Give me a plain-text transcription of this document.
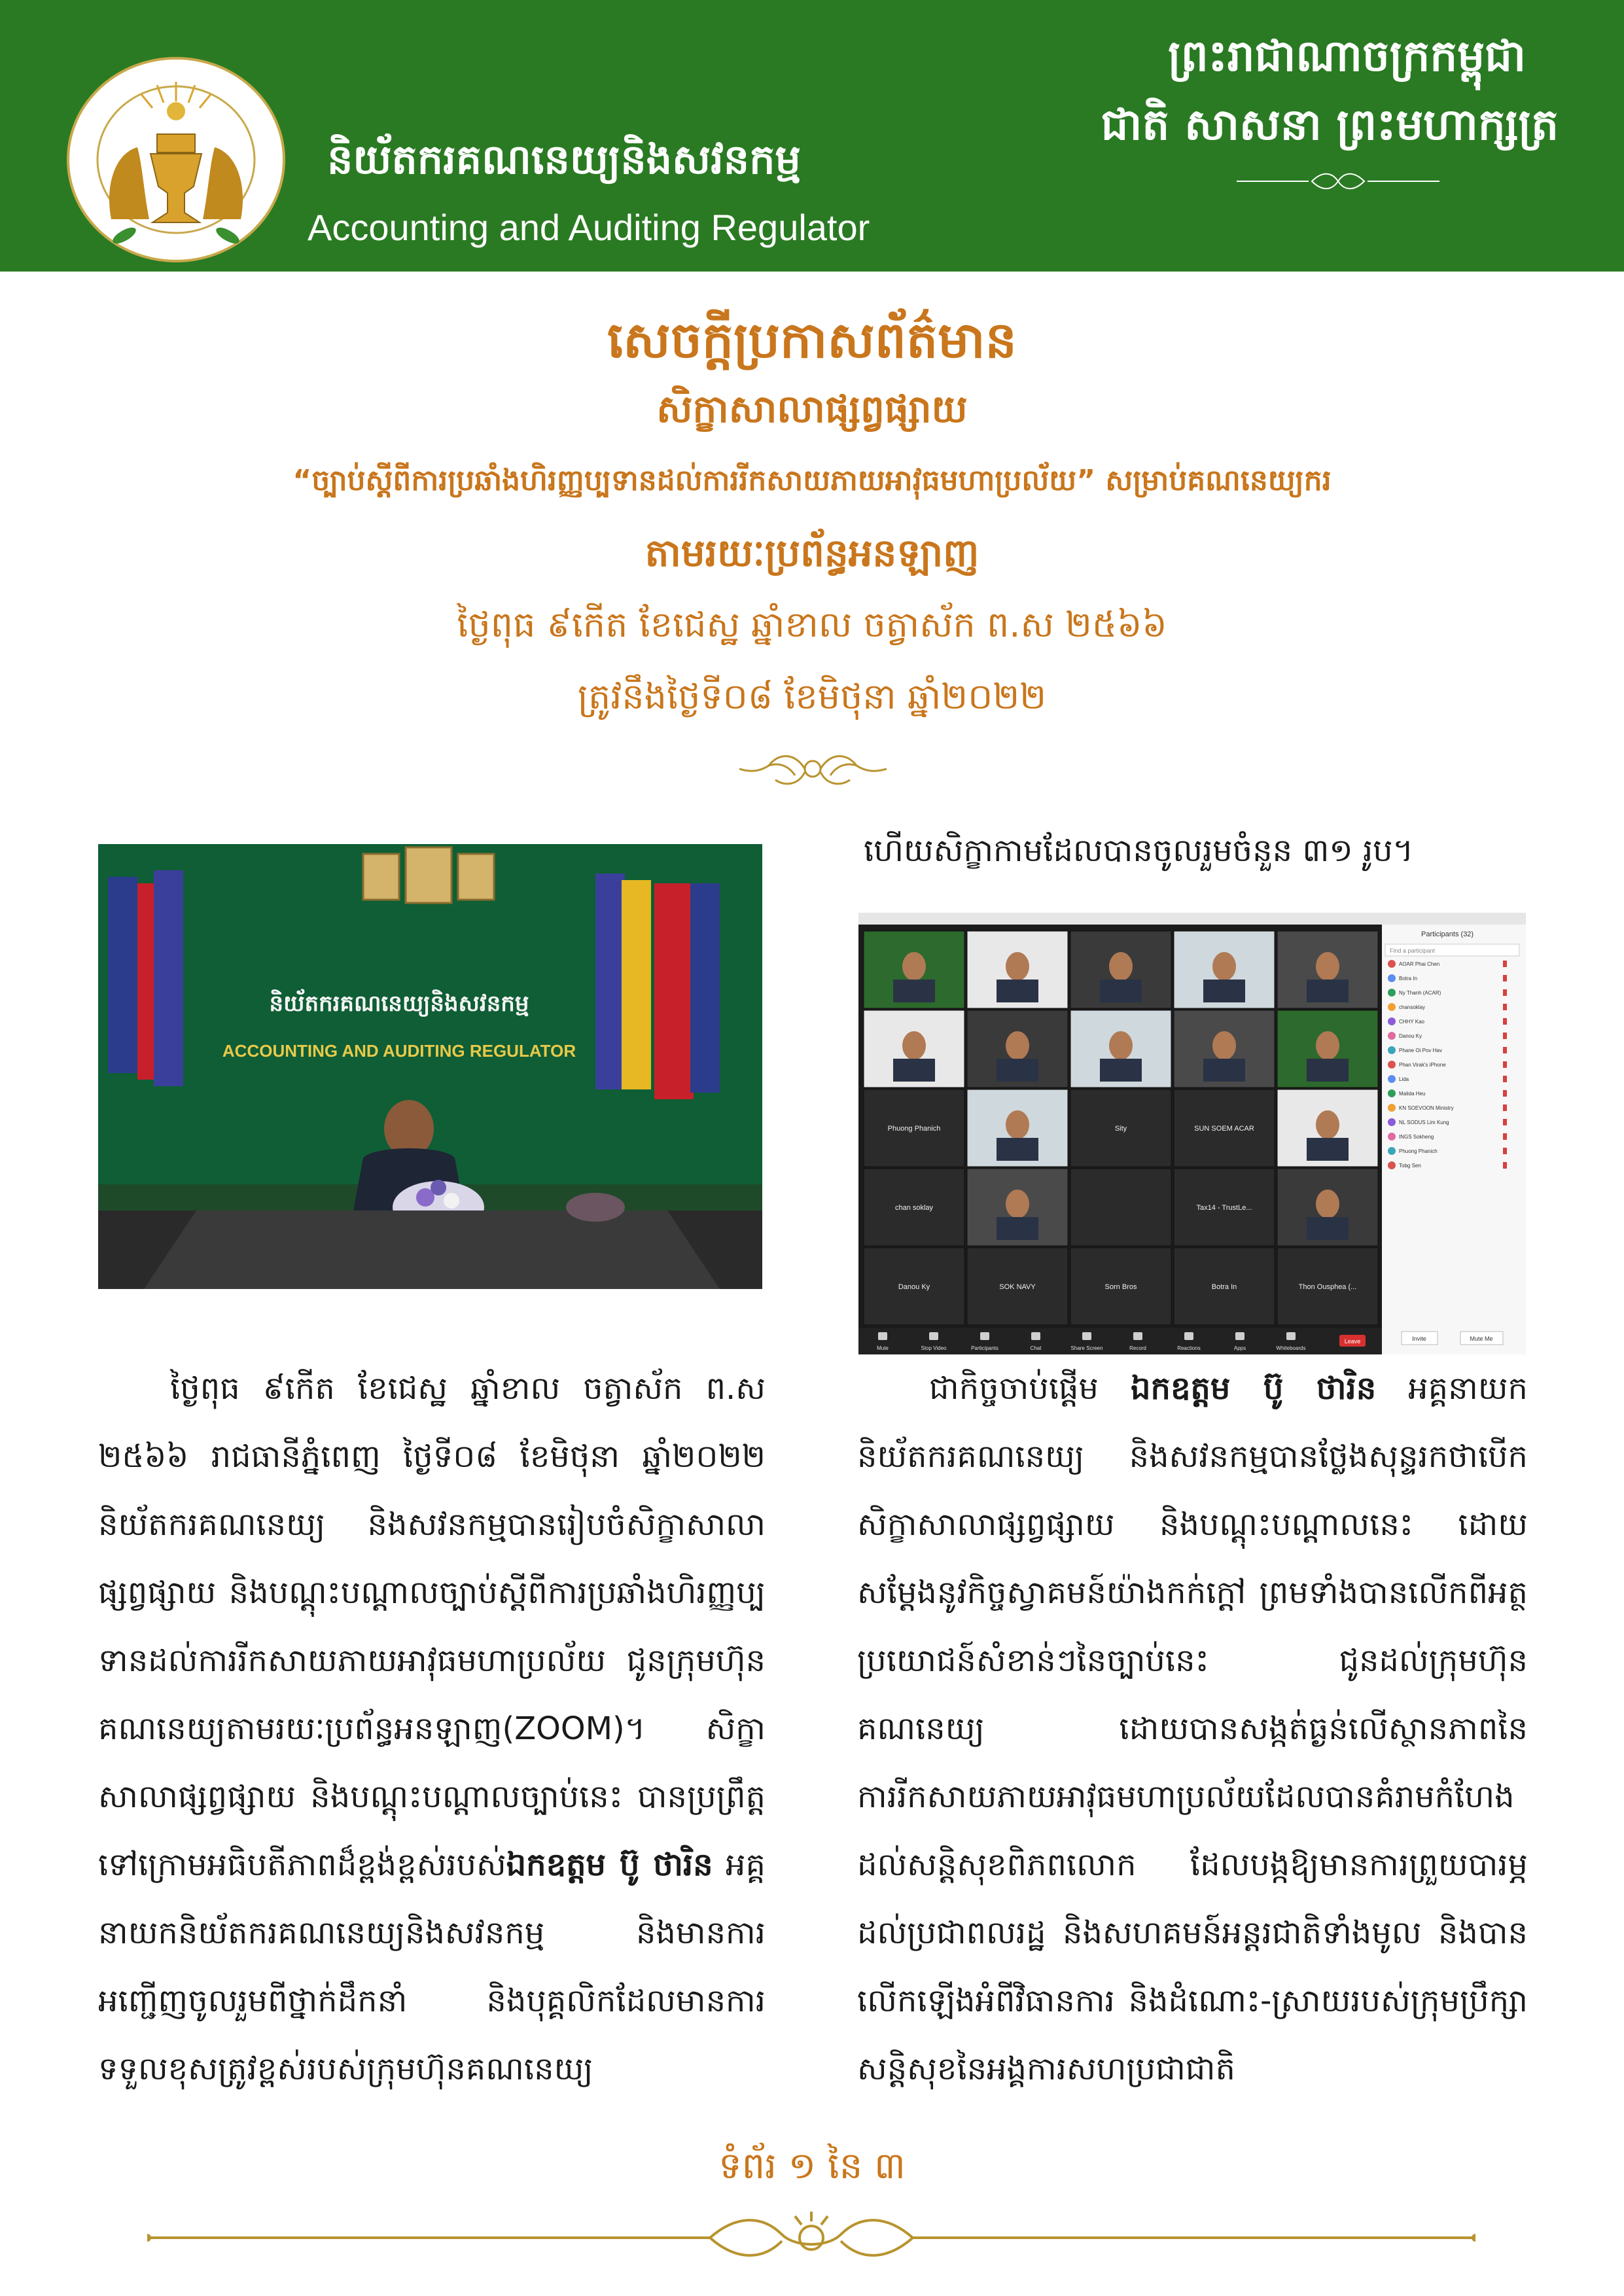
និយ័តករគណនេយ្យនិងសវនកម្ម
Accounting and Auditing Regulator
ព្រះរាជាណាចក្រកម្ពុជា
ជាតិ សាសនា ព្រះមហាក្សត្រ
សេចក្តីប្រកាសព័ត៌មាន
សិក្ខាសាលាផ្សព្វផ្សាយ
“ច្បាប់ស្តីពីការប្រឆាំងហិរញ្ញប្បទានដល់ការរីកសាយភាយអាវុធមហាប្រល័យ” សម្រាប់គណនេយ្យករ
តាមរយៈប្រព័ន្ធអនឡាញ
ថ្ងៃពុធ ៩កើត ខែជេស្ឋ ឆ្នាំខាល ចត្វាស័ក ព.ស ២៥៦៦
ត្រូវនឹងថ្ងៃទី០៨ ខែមិថុនា ឆ្នាំ២០២២
និយ័តករគណនេយ្យនិងសវនកម្ម
ACCOUNTING AND AUDITING REGULATOR
ហើយសិក្ខាកាមដែលបានចូលរួមចំនួន ៣១ រូប។
Participants (32)
Find a participant
AOAR Phai Chen
Botra In
Ny Thanh (ACAR)
chansoklay
CHHY Kao
Danou Ky
Phane Oi Pov Hav
Phan Virak's iPhone
Lida
Malida Heu
KN SOEVOON Ministry
NL SODUS Lim Kung
INGS Sokheng
Phuong Phanich
Tobg Sen
Invite	Mute Me
Phuong Phanich	Sity	SUN SOEM ACAR
chan soklay	Tax14 - TrustLe...
Danou Ky	SOK NAVY	Sorn Bros	Botra In	Thon Ousphea (...
Mute	Stop Video	Participants	Chat	Share Screen	Record	Reactions	Apps	Whiteboards
Leave

ថ្ងៃពុធ ៩កើត ខែជេស្ឋ ឆ្នាំខាល ចត្វាស័ក ព.ស ២៥៦៦ រាជធានីភ្នំពេញ ថ្ងៃទី០៨ ខែមិថុនា ឆ្នាំ២០២២ និយ័តករគណនេយ្យ និងសវនកម្មបានរៀបចំសិក្ខាសាលាផ្សព្វផ្សាយ និងបណ្តុះបណ្តាលច្បាប់ស្តីពីការប្រឆាំងហិរញ្ញប្បទានដល់ការរីកសាយភាយអាវុធមហាប្រល័យ ជូនក្រុមហ៊ុនគណនេយ្យតាមរយៈប្រព័ន្ធអនឡាញ(ZOOM)។ សិក្ខាសាលាផ្សព្វផ្សាយ និងបណ្តុះបណ្តាលច្បាប់នេះ បានប្រព្រឹត្តទៅក្រោមអធិបតីភាពដ៏ខ្ពង់ខ្ពស់របស់ឯកឧត្តម ប៊ូ ថារិន អគ្គនាយកនិយ័តករគណនេយ្យនិងសវនកម្ម និងមានការអញ្ជើញចូលរួមពីថ្នាក់ដឹកនាំ និងបុគ្គលិកដែលមានការទទួលខុសត្រូវខ្ពស់របស់ក្រុមហ៊ុនគណនេយ្យ

ជាកិច្ចចាប់ផ្តើម ឯកឧត្តម ប៊ូ ថារិន អគ្គនាយកនិយ័តករគណនេយ្យ និងសវនកម្មបានថ្លែងសុន្ទរកថាបើកសិក្ខាសាលាផ្សព្វផ្សាយ និងបណ្តុះបណ្តាលនេះ ដោយសម្តែងនូវកិច្ចស្វាគមន៍យ៉ាងកក់ក្តៅ ព្រមទាំងបានលើកពីអត្ថប្រយោជន៍សំខាន់ៗនៃច្បាប់នេះ ជូនដល់ក្រុមហ៊ុនគណនេយ្យ ដោយបានសង្កត់ធ្ងន់លើស្ថានភាពនៃការរីកសាយភាយអាវុធមហាប្រល័យដែលបានគំរាមកំហែងដល់សន្តិសុខពិភពលោក ដែលបង្កឱ្យមានការព្រួយបារម្ភដល់ប្រជាពលរដ្ឋ និងសហគមន៍អន្តរជាតិទាំងមូល និងបានលើកឡើងអំពីវិធានការ និងដំណោះ-ស្រាយរបស់ក្រុមប្រឹក្សាសន្តិសុខនៃអង្គការសហប្រជាជាតិ

ទំព័រ ១ នៃ ៣
